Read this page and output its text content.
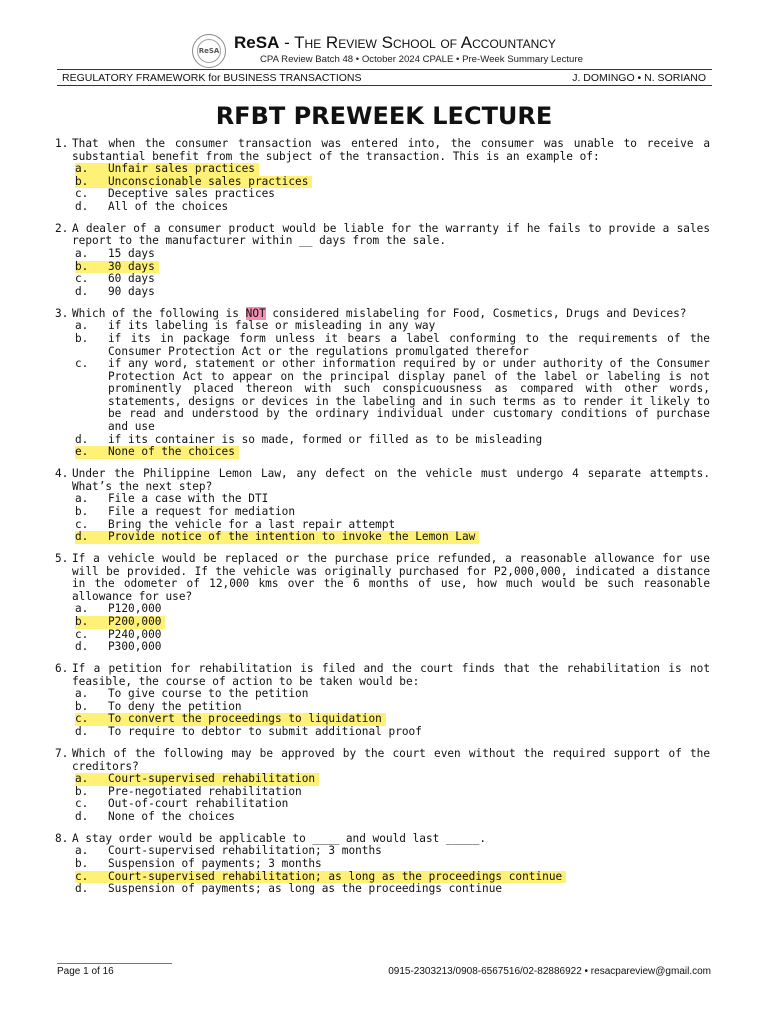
ReSA ReSA - The Review School of Accountancy
CPA Review Batch 48 • October 2024 CPALE • Pre-Week Summary Lecture
REGULATORY FRAMEWORK for BUSINESS TRANSACTIONS	J. DOMINGO • N. SORIANO
RFBT PREWEEK LECTURE
1. That when the consumer transaction was entered into, the consumer was unable to receive a substantial benefit from the subject of the transaction. This is an example of:
a. Unfair sales practices
b. Unconscionable sales practices
c.	Deceptive sales practices
d.	All of the choices
2. A dealer of a consumer product would be liable for the warranty if he fails to provide a sales report to the manufacturer within __ days from the sale.
a.	15 days
b. 30 days
c.	60 days
d.	90 days
3. Which of the following is NOT considered mislabeling for Food, Cosmetics, Drugs and Devices?
a.	if its labeling is false or misleading in any way
b.	if its in package form unless it bears a label conforming to the requirements of the Consumer Protection Act or the regulations promulgated therefor
c.	if any word, statement or other information required by or under authority of the Consumer Protection Act to appear on the principal display panel of the label or labeling is not prominently placed thereon with such conspicuousness as compared with other words, statements, designs or devices in the labeling and in such terms as to render it likely to be read and understood by the ordinary individual under customary conditions of purchase and use
d.	if its container is so made, formed or filled as to be misleading
e. None of the choices
4. Under the Philippine Lemon Law, any defect on the vehicle must undergo 4 separate attempts. What’s the next step?
a.	File a case with the DTI
b.	File a request for mediation
c.	Bring the vehicle for a last repair attempt
d. Provide notice of the intention to invoke the Lemon Law
5. If a vehicle would be replaced or the purchase price refunded, a reasonable allowance for use will be provided. If the vehicle was originally purchased for P2,000,000, indicated a distance in the odometer of 12,000 kms over the 6 months of use, how much would be such reasonable allowance for use?
a.	P120,000
b. P200,000
c.	P240,000
d.	P300,000
6. If a petition for rehabilitation is filed and the court finds that the rehabilitation is not feasible, the course of action to be taken would be:
a.	To give course to the petition
b.	To deny the petition
c. To convert the proceedings to liquidation
d.	To require to debtor to submit additional proof
7. Which of the following may be approved by the court even without the required support of the creditors?
a. Court-supervised rehabilitation
b.	Pre-negotiated rehabilitation
c.	Out-of-court rehabilitation
d.	None of the choices
8. A stay order would be applicable to ____ and would last _____.
a.	Court-supervised rehabilitation; 3 months
b.	Suspension of payments; 3 months
c. Court-supervised rehabilitation; as long as the proceedings continue
d.	Suspension of payments; as long as the proceedings continue
Page 1 of 16	0915-2303213/0908-6567516/02-82886922 • resacpareview@gmail.com
